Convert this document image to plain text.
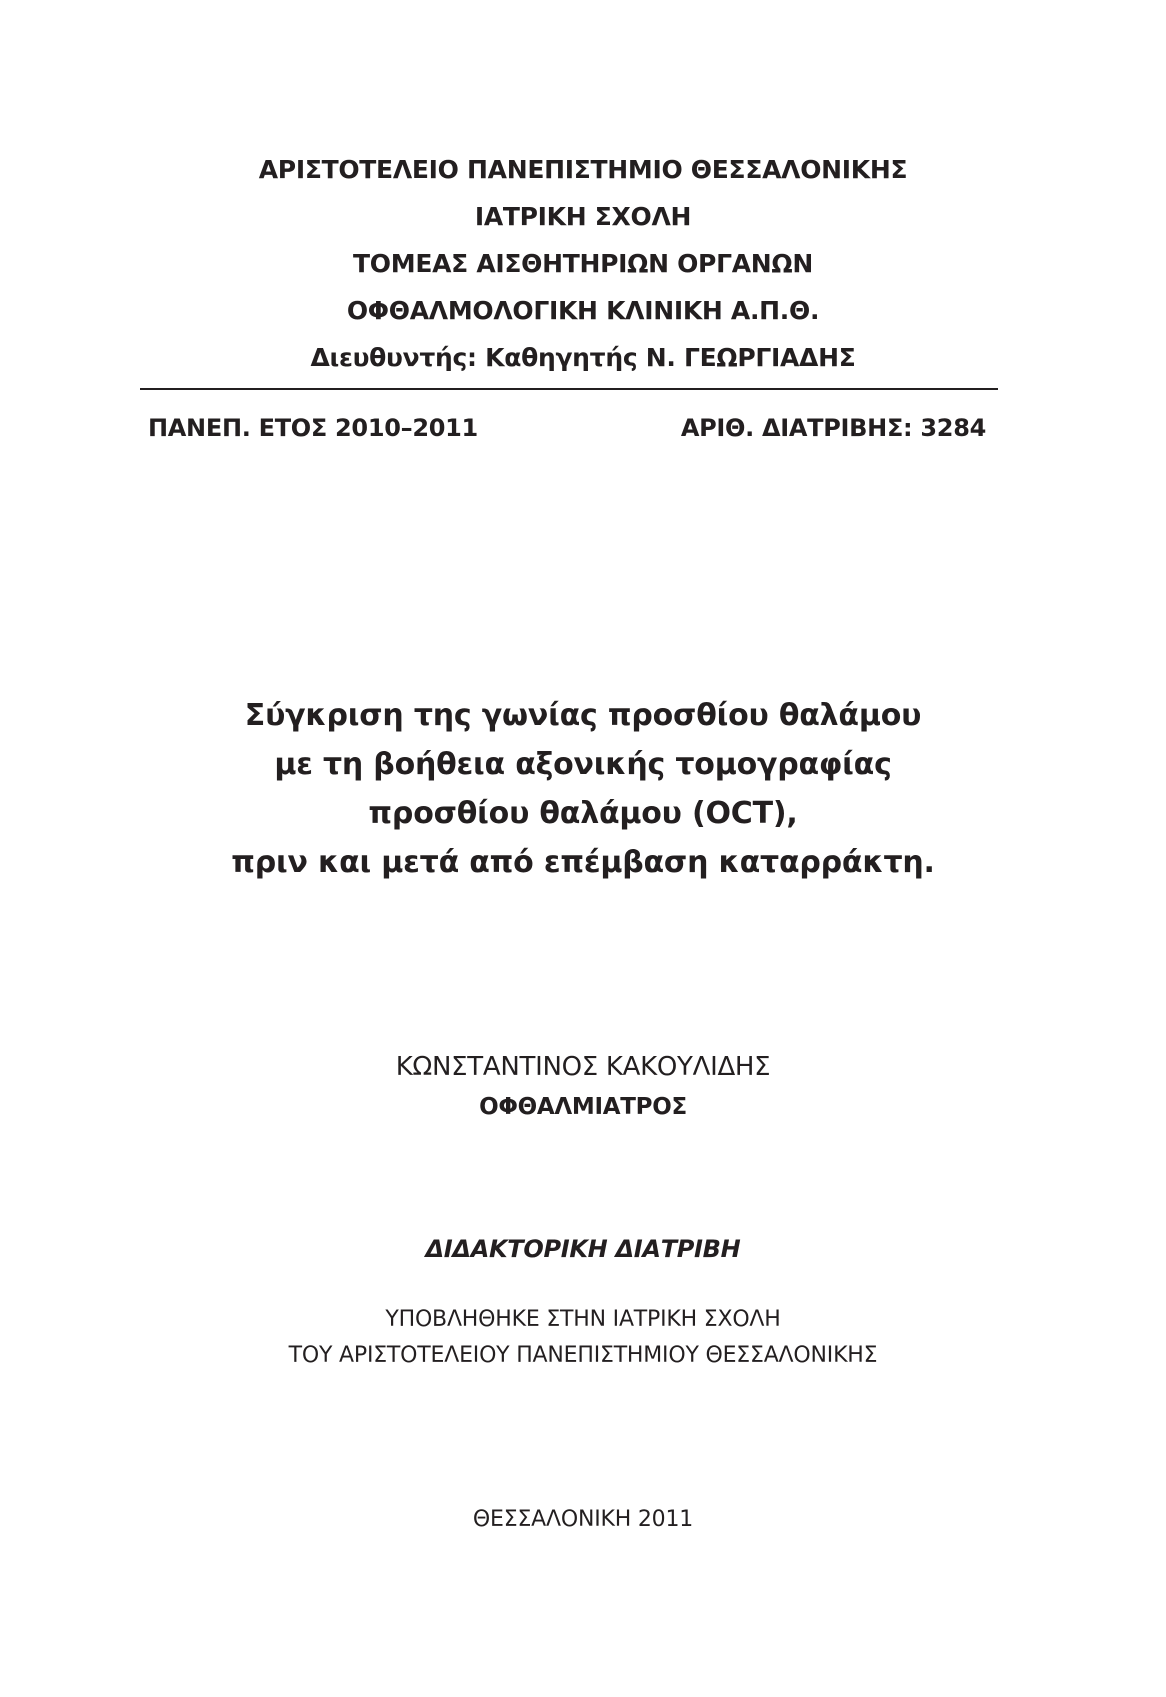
ΑΡΙΣΤΟΤΕΛΕΙΟ ΠΑΝΕΠΙΣΤΗΜΙΟ ΘΕΣΣΑΛΟΝΙΚΗΣ
ΙΑΤΡΙΚΗ ΣΧΟΛΗ
ΤΟΜΕΑΣ ΑΙΣΘΗΤΗΡΙΩΝ ΟΡΓΑΝΩΝ
ΟΦΘΑΛΜΟΛΟΓΙΚΗ ΚΛΙΝΙΚΗ Α.Π.Θ.
Διευθυντής: Καθηγητής Ν. ΓΕΩΡΓΙΑΔΗΣ
ΠΑΝΕΠ. ΕΤΟΣ 2010–2011	ΑΡΙΘ. ΔΙΑΤΡΙΒΗΣ: 3284
Σύγκριση της γωνίας προσθίου θαλάμου
με τη βοήθεια αξονικής τομογραφίας
προσθίου θαλάμου (OCT),
πριν και μετά από επέμβαση καταρράκτη.
ΚΩΝΣΤΑΝΤΙΝΟΣ ΚΑΚΟΥΛΙΔΗΣ
ΟΦΘΑΛΜΙΑΤΡΟΣ
ΔΙΔΑΚΤΟΡΙΚΗ ΔΙΑΤΡΙΒΗ
ΥΠΟΒΛΗΘΗΚΕ ΣΤΗΝ ΙΑΤΡΙΚΗ ΣΧΟΛΗ
ΤΟΥ ΑΡΙΣΤΟΤΕΛΕΙΟΥ ΠΑΝΕΠΙΣΤΗΜΙΟΥ ΘΕΣΣΑΛΟΝΙΚΗΣ
ΘΕΣΣΑΛΟΝΙΚΗ 2011
